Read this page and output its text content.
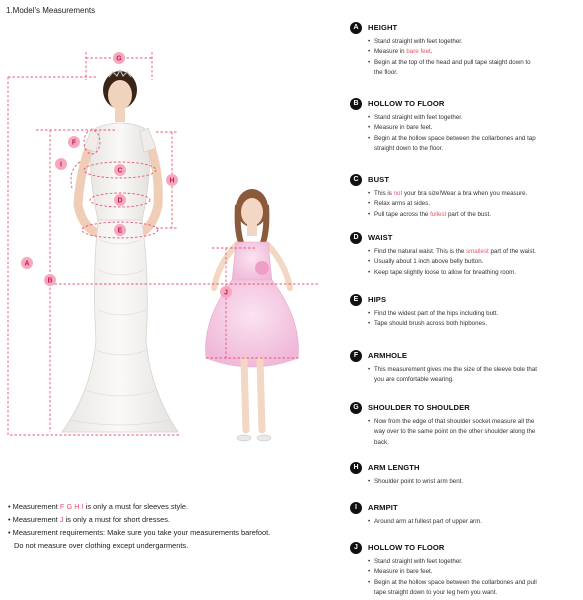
1.Model's Measurements
G
F
I
C
H
D
E
A
B
J
• Measurement F G H I is only a must for sleeves style.
• Measurement J is only a must for short dresses.
• Measurement requirements: Make sure you take your measurements barefoot.
Do not measure over clothing except undergarments.
A	HEIGHT
• Stand straight with feet together.
• Measure in bare feet.
• Begin at the top of the head and pull tape staight down to
the floor.
B	HOLLOW TO FLOOR
• Stand straight with feet together.
• Measure in bare feet.
• Begin at the hollow space between the collarbones and tap
straight down to the floor.
C	BUST
• This is not your bra size!Wear a bra when you measure.
• Relax arms at sides.
• Pull tape across the fullest part of the bust.
D	WAIST
• Find the natural waist. This is the smallest part of the waist.
• Usually about 1 inch above belly button.
• Keep tape slightly loose to allow for breathing room.
E	HIPS
• Find the widest part of the hips including butt.
• Tape should brush across both hipbones.
F	ARMHOLE
• This measurement gives me the size of the sleeve bole that
you are comfortable wearing.
G	SHOULDER TO SHOULDER
• Now from the edge of that shoulder socket measure all the
way over to the same point on the other shoulder along the
back.
H	ARM LENGTH
• Shoulder point to wrist arm bent.
I	ARMPIT
• Around arm at fullest part of upper arm.
J	HOLLOW TO FLOOR
• Stand straight with feet together.
• Measure in bare feet.
• Begin at the hollow space between the collarbones and pull
tape straight down to your leg hem you want.
